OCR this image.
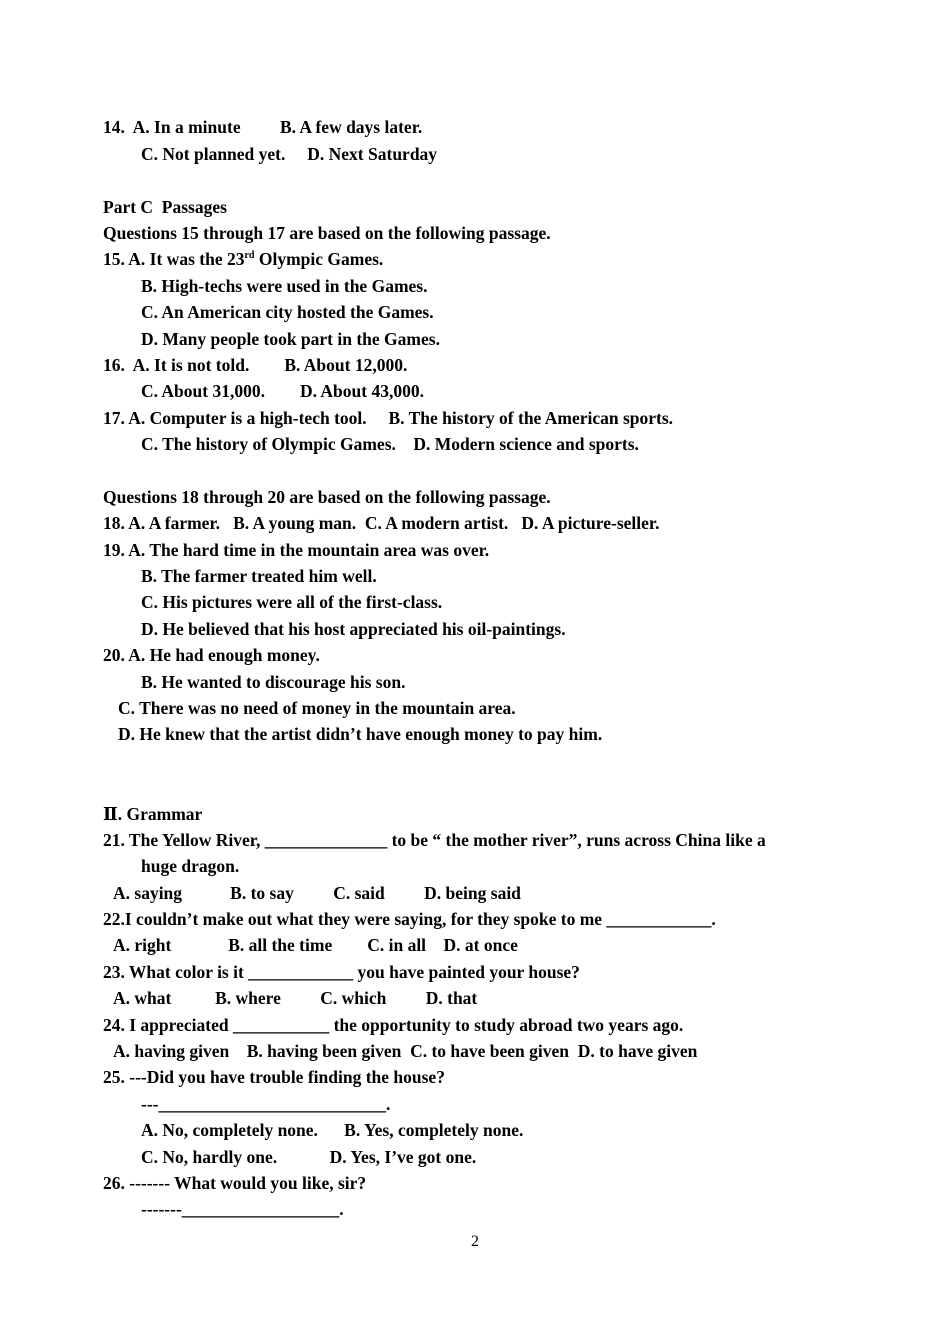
14.  A. In a minute         B. A few days later.
C. Not planned yet.     D. Next Saturday
Part C  Passages
Questions 15 through 17 are based on the following passage.
15. A. It was the 23rd Olympic Games.
B. High-techs were used in the Games.
C. An American city hosted the Games.
D. Many people took part in the Games.
16.  A. It is not told.        B. About 12,000.
C. About 31,000.        D. About 43,000.
17. A. Computer is a high-tech tool.     B. The history of the American sports.
C. The history of Olympic Games.    D. Modern science and sports.
Questions 18 through 20 are based on the following passage.
18. A. A farmer.   B. A young man.  C. A modern artist.   D. A picture-seller.
19. A. The hard time in the mountain area was over.
B. The farmer treated him well.
C. His pictures were all of the first-class.
D. He believed that his host appreciated his oil-paintings.
20. A. He had enough money.
B. He wanted to discourage his son.
C. There was no need of money in the mountain area.
D. He knew that the artist didn’t have enough money to pay him.
Ⅱ. Grammar
21. The Yellow River, ______________ to be “ the mother river”, runs across China like a
huge dragon.
A. saying           B. to say         C. said         D. being said
22.I couldn’t make out what they were saying, for they spoke to me ____________.
A. right             B. all the time        C. in all    D. at once
23. What color is it ____________ you have painted your house?
A. what          B. where         C. which         D. that
24. I appreciated ___________ the opportunity to study abroad two years ago.
A. having given    B. having been given  C. to have been given  D. to have given
25. ---Did you have trouble finding the house?
---__________________________.
A. No, completely none.      B. Yes, completely none.
C. No, hardly one.            D. Yes, I’ve got one.
26. ------- What would you like, sir?
-------__________________.
2
